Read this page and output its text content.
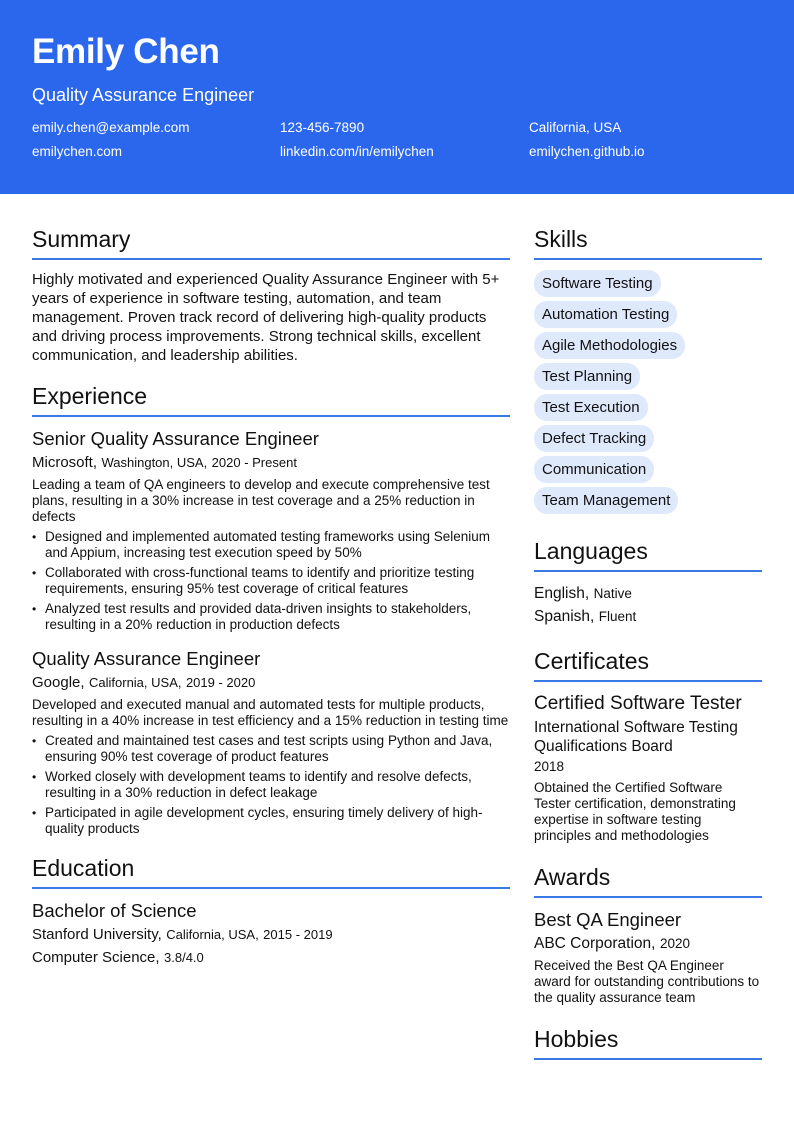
Emily Chen
Quality Assurance Engineer
emily.chen@example.com	123-456-7890	California, USA
emilychen.com	linkedin.com/in/emilychen	emilychen.github.io
Summary

Highly motivated and experienced Quality Assurance Engineer with 5+ years of experience in software testing, automation, and team management. Proven track record of delivering high-quality products and driving process improvements. Strong technical skills, excellent communication, and leadership abilities.

Experience
Senior Quality Assurance Engineer
Microsoft, Washington, USA, 2020 - Present

Leading a team of QA engineers to develop and execute comprehensive test plans, resulting in a 30% increase in test coverage and a 25% reduction in defects

• Designed and implemented automated testing frameworks using Selenium and Appium, increasing test execution speed by 50%
• Collaborated with cross-functional teams to identify and prioritize testing requirements, ensuring 95% test coverage of critical features
• Analyzed test results and provided data-driven insights to stakeholders, resulting in a 20% reduction in production defects
Quality Assurance Engineer
Google, California, USA, 2019 - 2020

Developed and executed manual and automated tests for multiple products, resulting in a 40% increase in test efficiency and a 15% reduction in testing time

• Created and maintained test cases and test scripts using Python and Java, ensuring 90% test coverage of product features
• Worked closely with development teams to identify and resolve defects, resulting in a 30% reduction in defect leakage
• Participated in agile development cycles, ensuring timely delivery of high-quality products
Education
Bachelor of Science
Stanford University, California, USA, 2015 - 2019
Computer Science, 3.8/4.0
Skills
Software Testing
Automation Testing
Agile Methodologies
Test Planning
Test Execution
Defect Tracking
Communication
Team Management
Languages
English, Native
Spanish, Fluent
Certificates
Certified Software Tester
International Software Testing Qualifications Board
2018

Obtained the Certified Software Tester certification, demonstrating expertise in software testing principles and methodologies

Awards
Best QA Engineer
ABC Corporation, 2020

Received the Best QA Engineer award for outstanding contributions to the quality assurance team

Hobbies
